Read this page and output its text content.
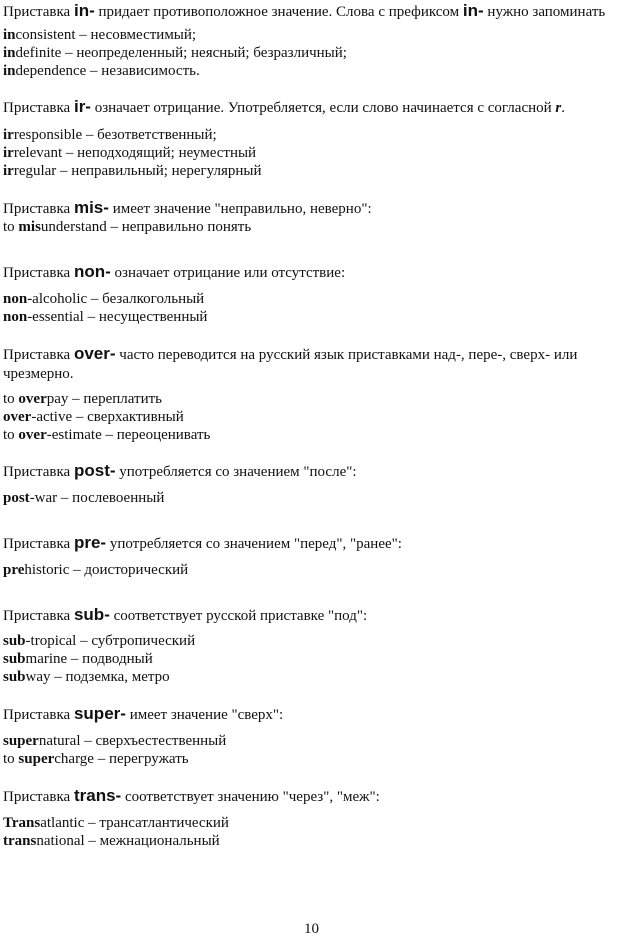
Приставка in- придает противоположное значение. Слова с префиксом in- нужно запоминать
inconsistent – несовместимый;
indefinite – неопределенный; неясный; безразличный;
independence – независимость.
Приставка ir- означает отрицание. Употребляется, если слово начинается с согласной r.
irresponsible – безответственный;
irrelevant – неподходящий; неуместный
irregular – неправильный; нерегулярный
Приставка mis- имеет значение "неправильно, неверно":
to misunderstand – неправильно понять
Приставка non- означает отрицание или отсутствие:
non-alcoholic – безалкогольный
non-essential – несущественный
Приставка over- часто переводится на русский язык приставками над-, пере-, сверх- или
чрезмерно.
to overpay – переплатить
over-active – сверхактивный
to over-estimate – переоценивать
Приставка post- употребляется со значением "после":
post-war – послевоенный
Приставка pre- употребляется со значением "перед", "ранее":
prehistoric – доисторический
Приставка sub- соответствует русской приставке "под":
sub-tropical – субтропический
submarine – подводный
subway – подземка, метро
Приставка super- имеет значение "сверх":
supernatural – сверхъестественный
to supercharge – перегружать
Приставка trans- соответствует значению "через", "меж":
Transatlantic – трансатлантический
transnational – межнациональный
10
